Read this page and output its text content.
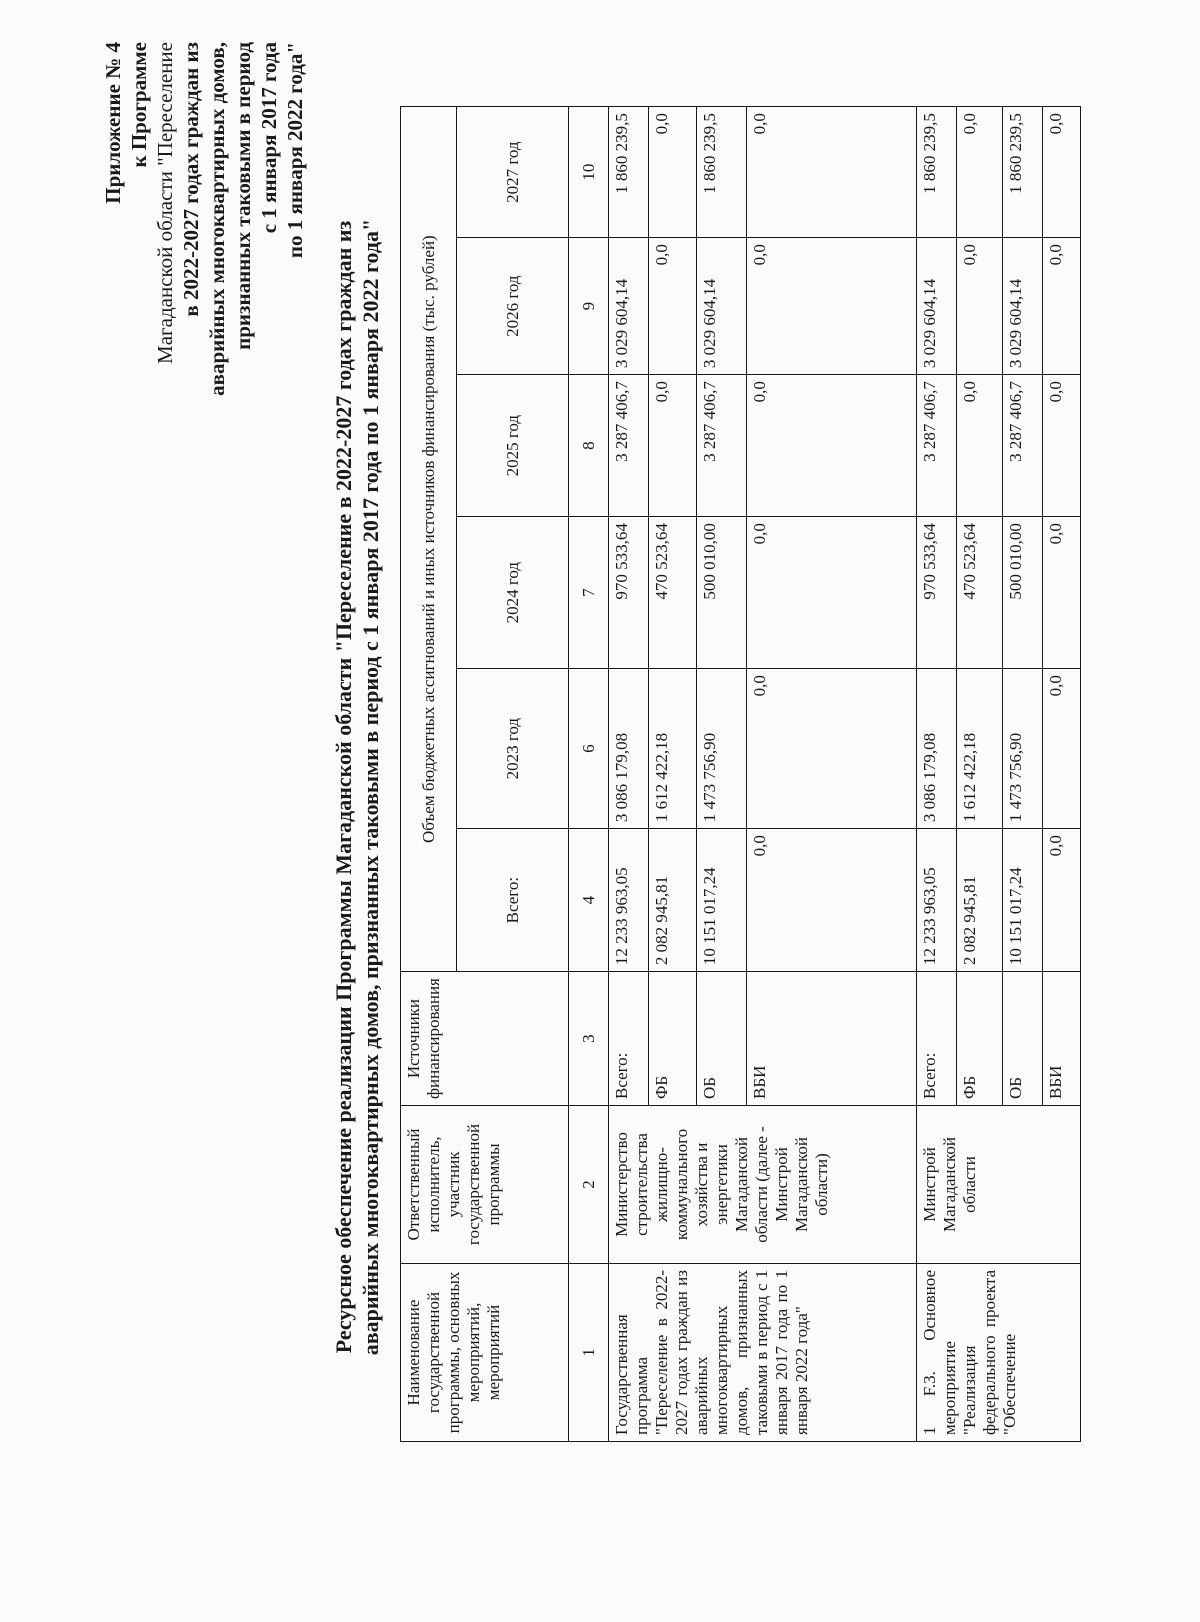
Приложение № 4 к Программе Магаданской области "Переселение в 2022-2027 годах граждан из аварийных многоквартирных домов, признанных таковыми в период с 1 января 2017 года по 1 января 2022 года"
Ресурсное обеспечение реализации Программы Магаданской области "Переселение в 2022-2027 годах граждан из аварийных многоквартирных домов, признанных таковыми в период с 1 января 2017 года по 1 января 2022 года" Наименование государственной программы, основных мероприятий, мероприятий	Ответственный исполнитель, участник государственной программы	Источники финансирования	Объем бюджетных ассигнований и иных источников финансирования (тыс. рублей)					
			Всего:	2023 год	2024 год	2025 год	2026 год	2027 год
1	2	3	4	6	7	8	9	10
Государственная программа "Переселение в 2022-2027 годах граждан из аварийных многоквартирных домов, признанных таковыми в период с 1 января 2017 года по 1 января 2022 года"	Министерство строительства жилищно-коммунального хозяйства и энергетики Магаданской области (далее - Минстрой Магаданской области)	Всего:	12 233 963,05	3 086 179,08	970 533,64	3 287 406,7	3 029 604,14	1 860 239,5
		ФБ	2 082 945,81	1 612 422,18	470 523,64	0,0	0,0	0,0
		ОБ	10 151 017,24	1 473 756,90	500 010,00	3 287 406,7	3 029 604,14	1 860 239,5
		ВБИ	0,0	0,0	0,0	0,0	0,0	0,0
1 F.3. Основное мероприятие "Реализация федерального проекта "Обеспечение	Минстрой Магаданской области	Всего:	12 233 963,05	3 086 179,08	970 533,64	3 287 406,7	3 029 604,14	1 860 239,5
		ФБ	2 082 945,81	1 612 422,18	470 523,64	0,0	0,0	0,0
		ОБ	10 151 017,24	1 473 756,90	500 010,00	3 287 406,7	3 029 604,14	1 860 239,5
		ВБИ	0,0	0,0	0,0	0,0	0,0	0,0
